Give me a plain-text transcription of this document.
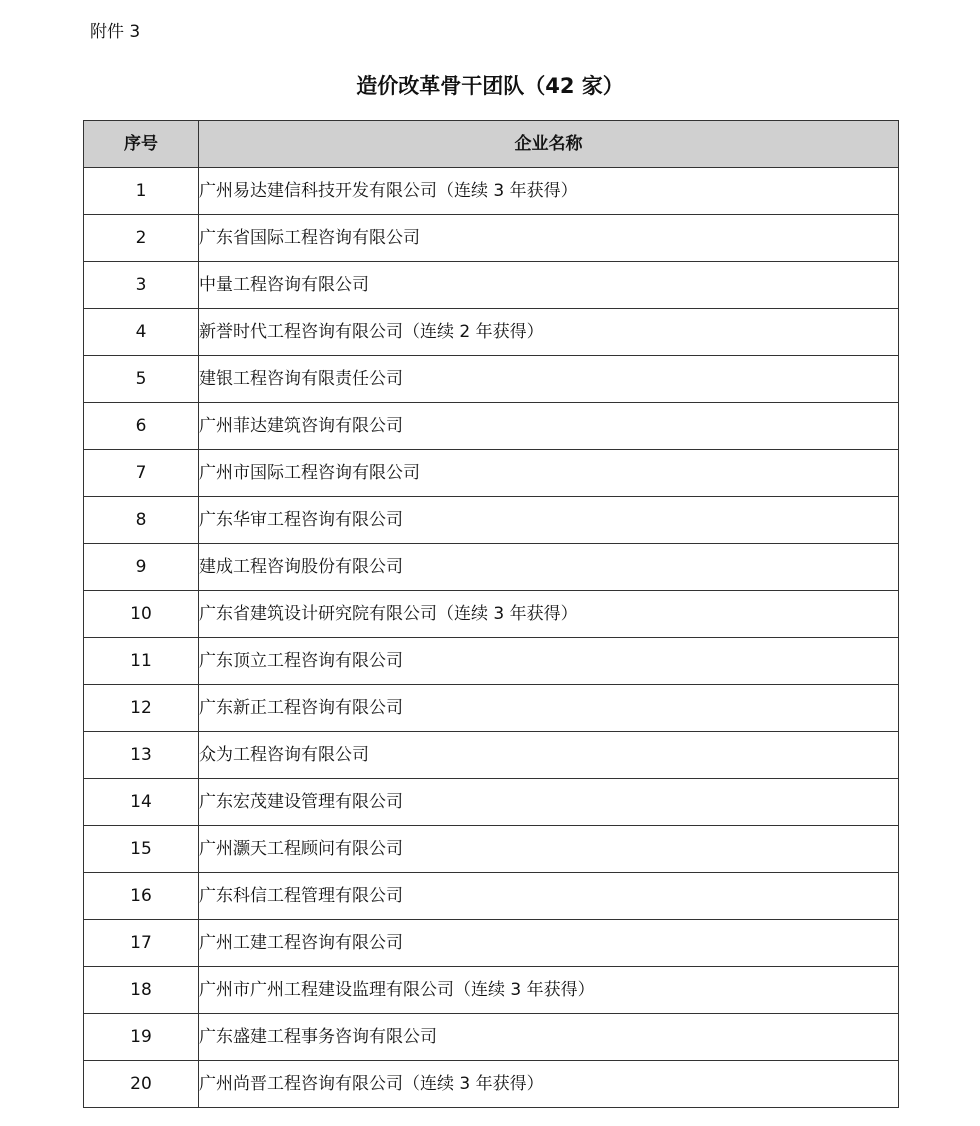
附件 3
造价改革骨干团队（42 家）
序号	企业名称
1	广州易达建信科技开发有限公司（连续 3 年获得）
2	广东省国际工程咨询有限公司
3	中量工程咨询有限公司
4	新誉时代工程咨询有限公司（连续 2 年获得）
5	建银工程咨询有限责任公司
6	广州菲达建筑咨询有限公司
7	广州市国际工程咨询有限公司
8	广东华审工程咨询有限公司
9	建成工程咨询股份有限公司
10	广东省建筑设计研究院有限公司（连续 3 年获得）
11	广东顶立工程咨询有限公司
12	广东新正工程咨询有限公司
13	众为工程咨询有限公司
14	广东宏茂建设管理有限公司
15	广州灏天工程顾问有限公司
16	广东科信工程管理有限公司
17	广州工建工程咨询有限公司
18	广州市广州工程建设监理有限公司（连续 3 年获得）
19	广东盛建工程事务咨询有限公司
20	广州尚晋工程咨询有限公司（连续 3 年获得）
